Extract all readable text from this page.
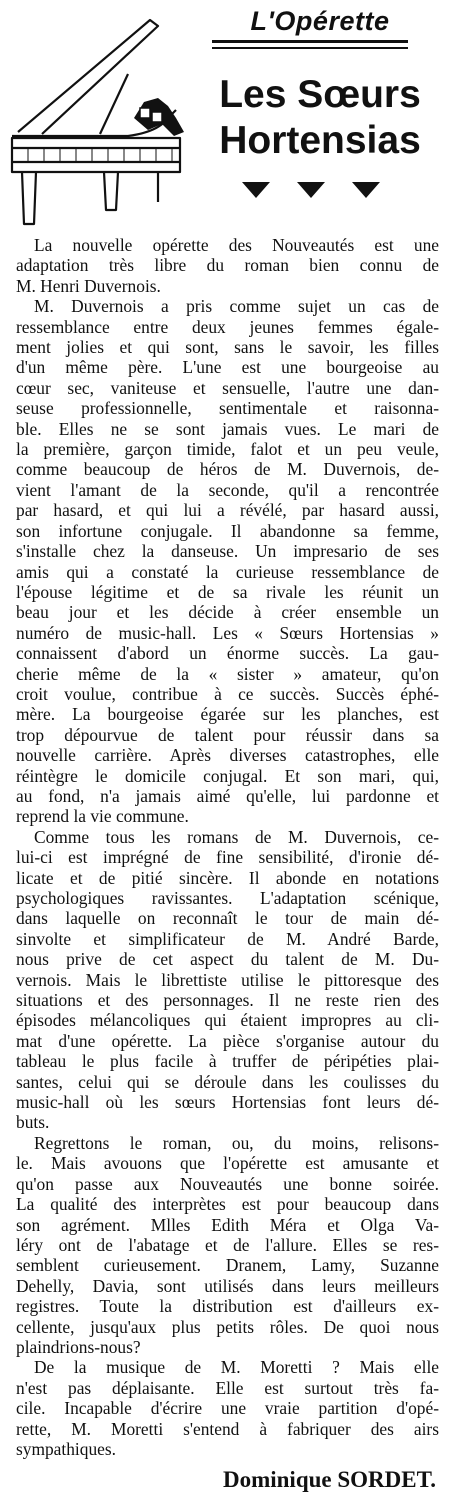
L'Opérette
Les Sœurs
Hortensias
La nouvelle opérette des Nouveautés est une
adaptation très libre du roman bien connu de
M. Henri Duvernois.
M. Duvernois a pris comme sujet un cas de
ressemblance entre deux jeunes femmes égale-
ment jolies et qui sont, sans le savoir, les filles
d'un même père. L'une est une bourgeoise au
cœur sec, vaniteuse et sensuelle, l'autre une dan-
seuse professionnelle, sentimentale et raisonna-
ble. Elles ne se sont jamais vues. Le mari de
la première, garçon timide, falot et un peu veule,
comme beaucoup de héros de M. Duvernois, de-
vient l'amant de la seconde, qu'il a rencontrée
par hasard, et qui lui a révélé, par hasard aussi,
son infortune conjugale. Il abandonne sa femme,
s'installe chez la danseuse. Un impresario de ses
amis qui a constaté la curieuse ressemblance de
l'épouse légitime et de sa rivale les réunit un
beau jour et les décide à créer ensemble un
numéro de music-hall. Les « Sœurs Hortensias »
connaissent d'abord un énorme succès. La gau-
cherie même de la « sister » amateur, qu'on
croit voulue, contribue à ce succès. Succès éphé-
mère. La bourgeoise égarée sur les planches, est
trop dépourvue de talent pour réussir dans sa
nouvelle carrière. Après diverses catastrophes, elle
réintègre le domicile conjugal. Et son mari, qui,
au fond, n'a jamais aimé qu'elle, lui pardonne et
reprend la vie commune.
Comme tous les romans de M. Duvernois, ce-
lui-ci est imprégné de fine sensibilité, d'ironie dé-
licate et de pitié sincère. Il abonde en notations
psychologiques ravissantes. L'adaptation scénique,
dans laquelle on reconnaît le tour de main dé-
sinvolte et simplificateur de M. André Barde,
nous prive de cet aspect du talent de M. Du-
vernois. Mais le librettiste utilise le pittoresque des
situations et des personnages. Il ne reste rien des
épisodes mélancoliques qui étaient impropres au cli-
mat d'une opérette. La pièce s'organise autour du
tableau le plus facile à truffer de péripéties plai-
santes, celui qui se déroule dans les coulisses du
music-hall où les sœurs Hortensias font leurs dé-
buts.
Regrettons le roman, ou, du moins, relisons-
le. Mais avouons que l'opérette est amusante et
qu'on passe aux Nouveautés une bonne soirée.
La qualité des interprètes est pour beaucoup dans
son agrément. Mlles Edith Méra et Olga Va-
léry ont de l'abatage et de l'allure. Elles se res-
semblent curieusement. Dranem, Lamy, Suzanne
Dehelly, Davia, sont utilisés dans leurs meilleurs
registres. Toute la distribution est d'ailleurs ex-
cellente, jusqu'aux plus petits rôles. De quoi nous
plaindrions-nous?
De la musique de M. Moretti ? Mais elle
n'est pas déplaisante. Elle est surtout très fa-
cile. Incapable d'écrire une vraie partition d'opé-
rette, M. Moretti s'entend à fabriquer des airs
sympathiques.
Dominique SORDET.
